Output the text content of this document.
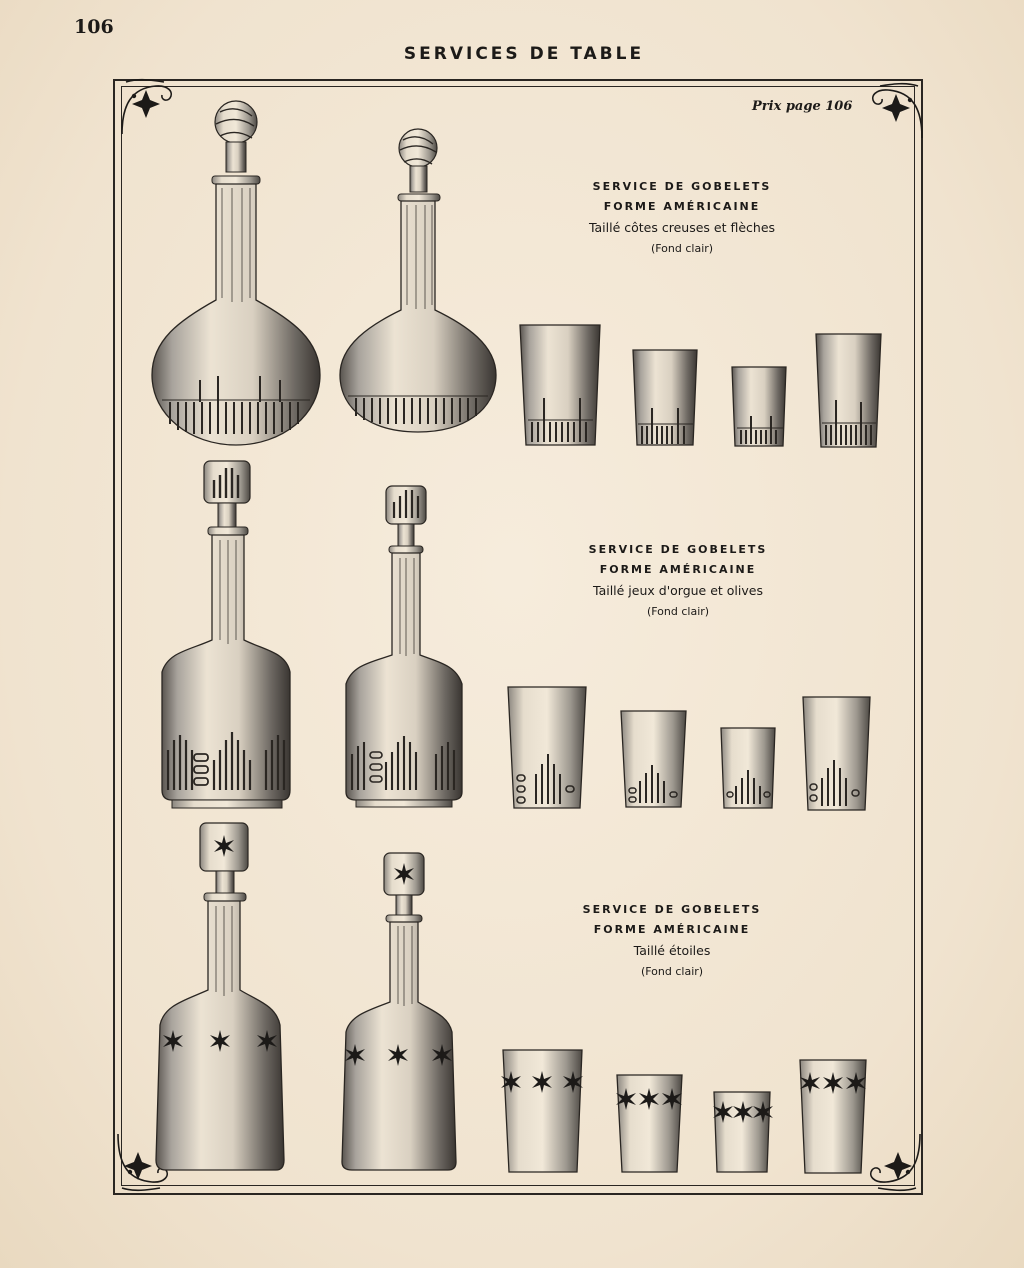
106
SERVICES DE TABLE
Prix page 106
SERVICE DE GOBELETS
FORME AMÉRICAINE
Taillé côtes creuses et flèches
(Fond clair)
SERVICE DE GOBELETS
FORME AMÉRICAINE
Taillé jeux d'orgue et olives
(Fond clair)
SERVICE DE GOBELETS
FORME AMÉRICAINE
Taillé étoiles
(Fond clair)
